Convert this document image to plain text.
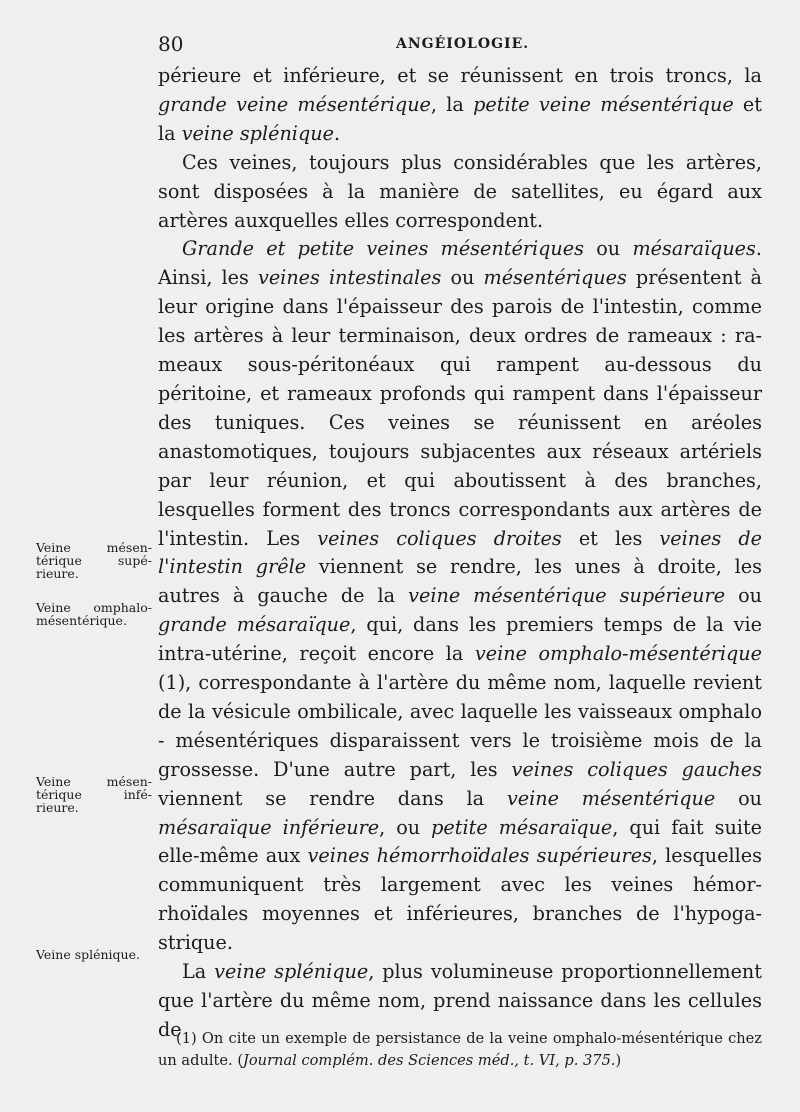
80	ANGÉIOLOGIE.

périeure et inférieure, et se réunissent en trois troncs, la grande veine mésentérique, la petite veine mésentérique et la veine splénique.

Ces veines, toujours plus considérables que les artères, sont disposées à la manière de satellites, eu égard aux artères auxquelles elles correspondent.

Grande et petite veines mésentériques ou mésaraïques. Ainsi, les veines intestinales ou mésentériques présentent à leur origine dans l'épaisseur des parois de l'intestin, comme les artères à leur terminaison, deux ordres de rameaux : rameaux sous-péritonéaux qui rampent au-dessous du péritoine, et rameaux profonds qui rampent dans l'épaisseur des tuniques. Ces veines se réunissent en aréoles anastomotiques, toujours subjacentes aux réseaux artériels par leur réunion, et qui aboutissent à des branches, lesquelles forment des troncs correspondants aux artères de l'intestin. Les veines coliques droites et les veines de l'intestin grêle viennent se rendre, les unes à droite, les autres à gauche de la veine mésentérique supérieure ou grande mésaraïque, qui, dans les premiers temps de la vie intra-utérine, reçoit encore la veine omphalo-mésentérique (1), correspondante à l'artère du même nom, laquelle revient de la vésicule ombilicale, avec laquelle les vaisseaux omphalo - mésentériques disparaissent vers le troisième mois de la grossesse. D'une autre part, les veines coliques gauches viennent se rendre dans la veine mésentérique ou mésaraïque inférieure, ou petite mésaraïque, qui fait suite elle-même aux veines hémorrhoïdales supérieures, lesquelles communiquent très largement avec les veines hémorrhoïdales moyennes et inférieures, branches de l'hypogastrique.

La veine splénique, plus volumineuse proportionnellement que l'artère du même nom, prend naissance dans les cellules de

Veine mésentérique supérieure.
Veine omphalo-mésentérique.
Veine mésentérique inférieure.
Veine splénique.

(1) On cite un exemple de persistance de la veine omphalo-mésentérique chez un adulte. (Journal complém. des Sciences méd., t. VI, p. 375.)
